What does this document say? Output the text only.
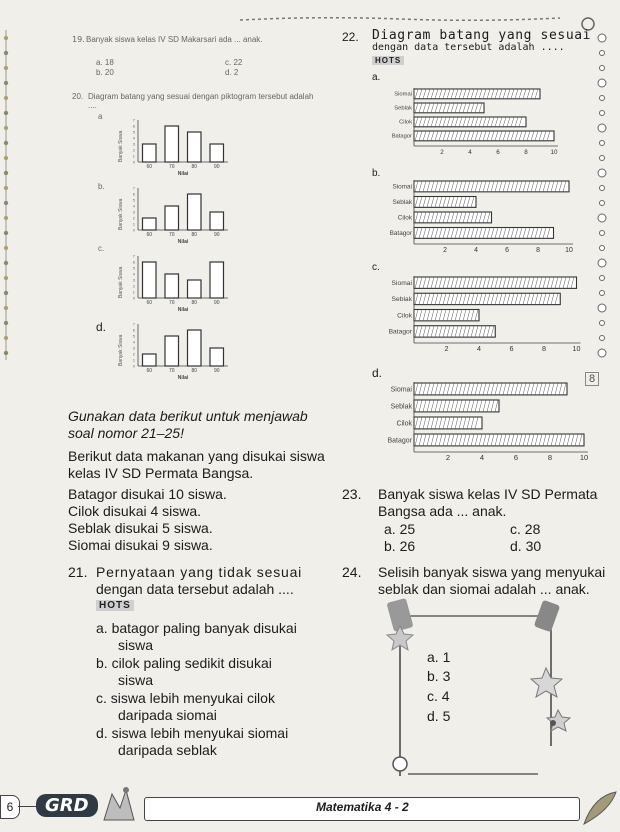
19. Banyak siswa kelas IV SD Makarsari ada ... anak.
a. 18	c. 22
b. 20	d. 2
20. Diagram batang yang sesuai dengan piktogram tersebut adalah ....
a
b.
c.
d.
Banyak Siswa 0
1
2
3
4
5
6
7
60	70	80	90
Nilai
Banyak Siswa 0
1
2
3
4
5
6
7
60	70	80	90
Nilai
Banyak Siswa 0
1
2
3
4
5
6
7
60	70	80	90
Nilai
Banyak Siswa 0
1
2
3
4
5
6
7
60	70	80	90
Nilai
22. Diagram batang yang sesuai
dengan data tersebut adalah ....
HOTS
a.
b.
c.
d.
Siomai
Seblak
Cilok
Batagor
2	4	6	8	10
Siomai
Seblak
Cilok
Batagor
2	4	6	8	10
Siomai
Seblak
Cilok
Batagor
2	4	6	8	10
Siomai
Seblak
Cilok
Batagor
2	4	6	8	10
8
Gunakan data berikut untuk menjawab
soal nomor 21–25!
Berikut data makanan yang disukai siswa
kelas IV SD Permata Bangsa.
Batagor disukai 10 siswa.
Cilok disukai 4 siswa.
Seblak disukai 5 siswa.
Siomai disukai 9 siswa.
21. Pernyataan yang tidak sesuai
dengan data tersebut adalah ....
HOTS
a. batagor paling banyak disukai
siswa
b. cilok paling sedikit disukai
siswa
c. siswa lebih menyukai cilok
daripada siomai
d. siswa lebih menyukai siomai
daripada seblak
23. Banyak siswa kelas IV SD Permata
Bangsa ada ... anak.
a. 25
b. 26
c. 28
d. 30
24. Selisih banyak siswa yang menyukai
seblak dan siomai adalah ... anak.
a. 1
b. 3
c. 4
d. 5
6	GRD	Matematika 4 - 2
